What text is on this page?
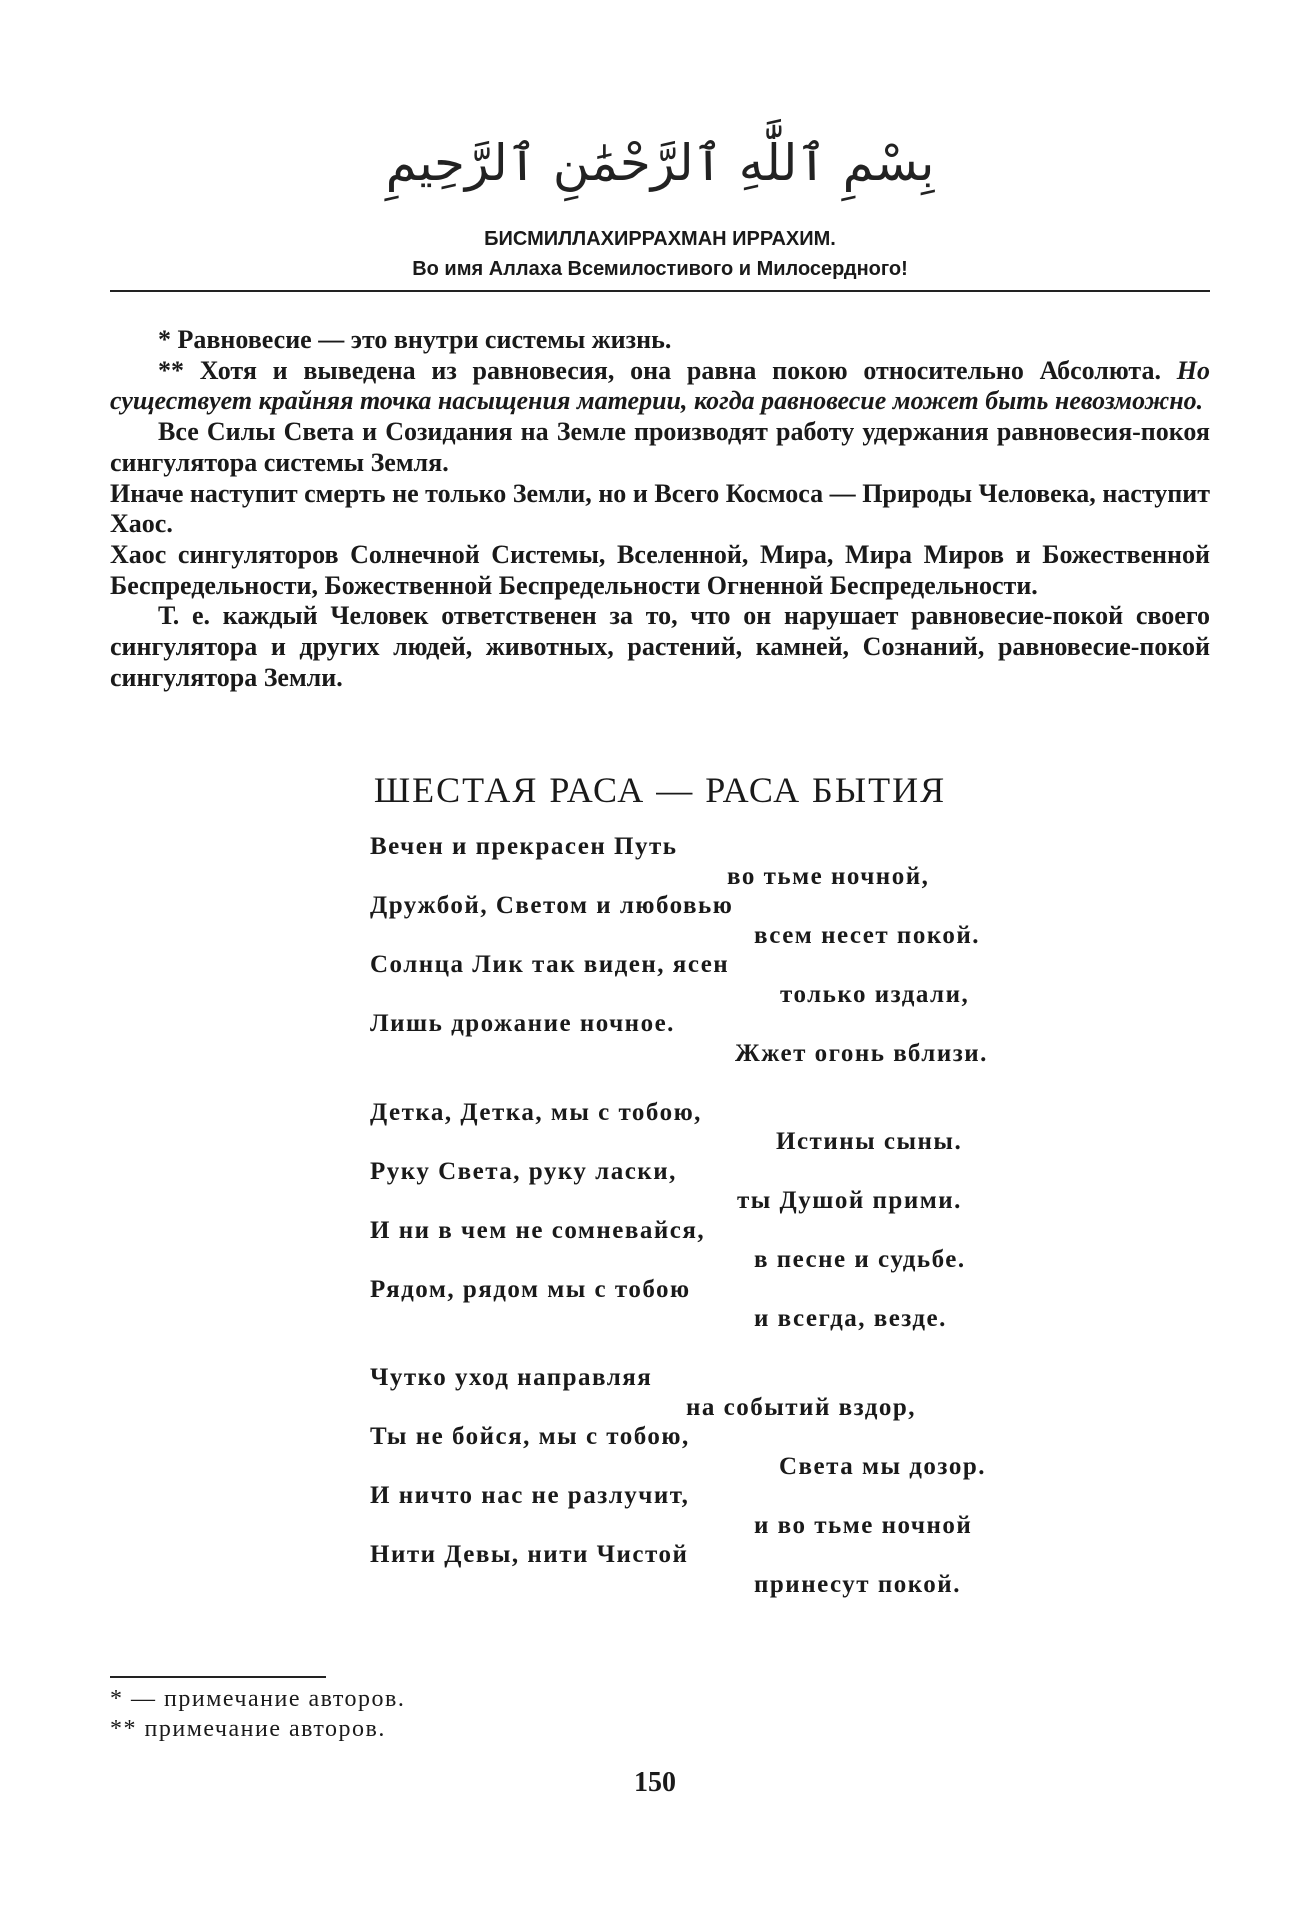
بِسْمِ ٱللَّٰهِ ٱلرَّحْمَٰنِ ٱلرَّحِيمِ
БИСМИЛЛАХИРРАХМАН ИРРАХИМ.
Во имя Аллаха Всемилостивого и Милосердного!

* Равновесие — это внутри системы жизнь.

** Хотя и выведена из равновесия, она равна покою относительно Абсолюта. Но существует крайняя точка насыщения материи, когда равновесие может быть невозможно.

Все Силы Света и Созидания на Земле производят работу удержания равновесия-покоя сингулятора системы Земля.

Иначе наступит смерть не только Земли, но и Всего Космоса — Природы Человека, наступит Хаос.

Хаос сингуляторов Солнечной Системы, Вселенной, Мира, Мира Миров и Божественной Беспредельности, Божественной Беспредельности Огненной Беспредельности.

Т. е. каждый Человек ответственен за то, что он нарушает равновесие-покой своего сингулятора и других людей, животных, растений, камней, Сознаний, равновесие-покой сингулятора Земли.

ШЕСТАЯ РАСА — РАСА БЫТИЯ
Вечен и прекрасен Путь
во тьме ночной,
Дружбой, Светом и любовью
всем несет покой.
Солнца Лик так виден, ясен
только издали,
Лишь дрожание ночное.
Жжет огонь вблизи.
Детка, Детка, мы с тобою,
Истины сыны.
Руку Света, руку ласки,
ты Душой прими.
И ни в чем не сомневайся,
в песне и судьбе.
Рядом, рядом мы с тобою
и всегда, везде.
Чутко уход направляя
на событий вздор,
Ты не бойся, мы с тобою,
Света мы дозор.
И ничто нас не разлучит,
и во тьме ночной
Нити Девы, нити Чистой
принесут покой.
* — примечание авторов.
** примечание авторов.
150
